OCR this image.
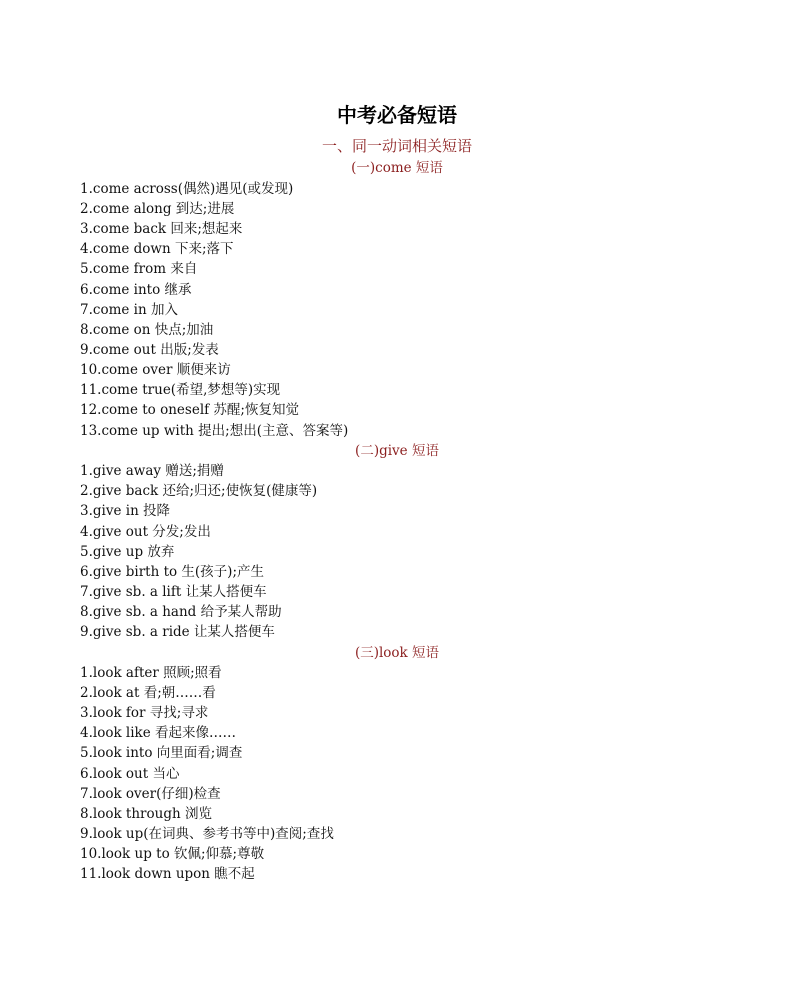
中考必备短语
一、同一动词相关短语
(一)come 短语
1.come across(偶然)遇见(或发现)
2.come along 到达;进展
3.come back 回来;想起来
4.come down 下来;落下
5.come from 来自
6.come into 继承
7.come in 加入
8.come on 快点;加油
9.come out 出版;发表
10.come over 顺便来访
11.come true(希望,梦想等)实现
12.come to oneself 苏醒;恢复知觉
13.come up with 提出;想出(主意、答案等)
(二)give 短语
1.give away 赠送;捐赠
2.give back 还给;归还;使恢复(健康等)
3.give in 投降
4.give out 分发;发出
5.give up 放弃
6.give birth to 生(孩子);产生
7.give sb. a lift 让某人搭便车
8.give sb. a hand 给予某人帮助
9.give sb. a ride 让某人搭便车
(三)look 短语
1.look after 照顾;照看
2.look at 看;朝……看
3.look for 寻找;寻求
4.look like 看起来像……
5.look into 向里面看;调查
6.look out 当心
7.look over(仔细)检查
8.look through 浏览
9.look up(在词典、参考书等中)查阅;查找
10.look up to 钦佩;仰慕;尊敬
11.look down upon 瞧不起
